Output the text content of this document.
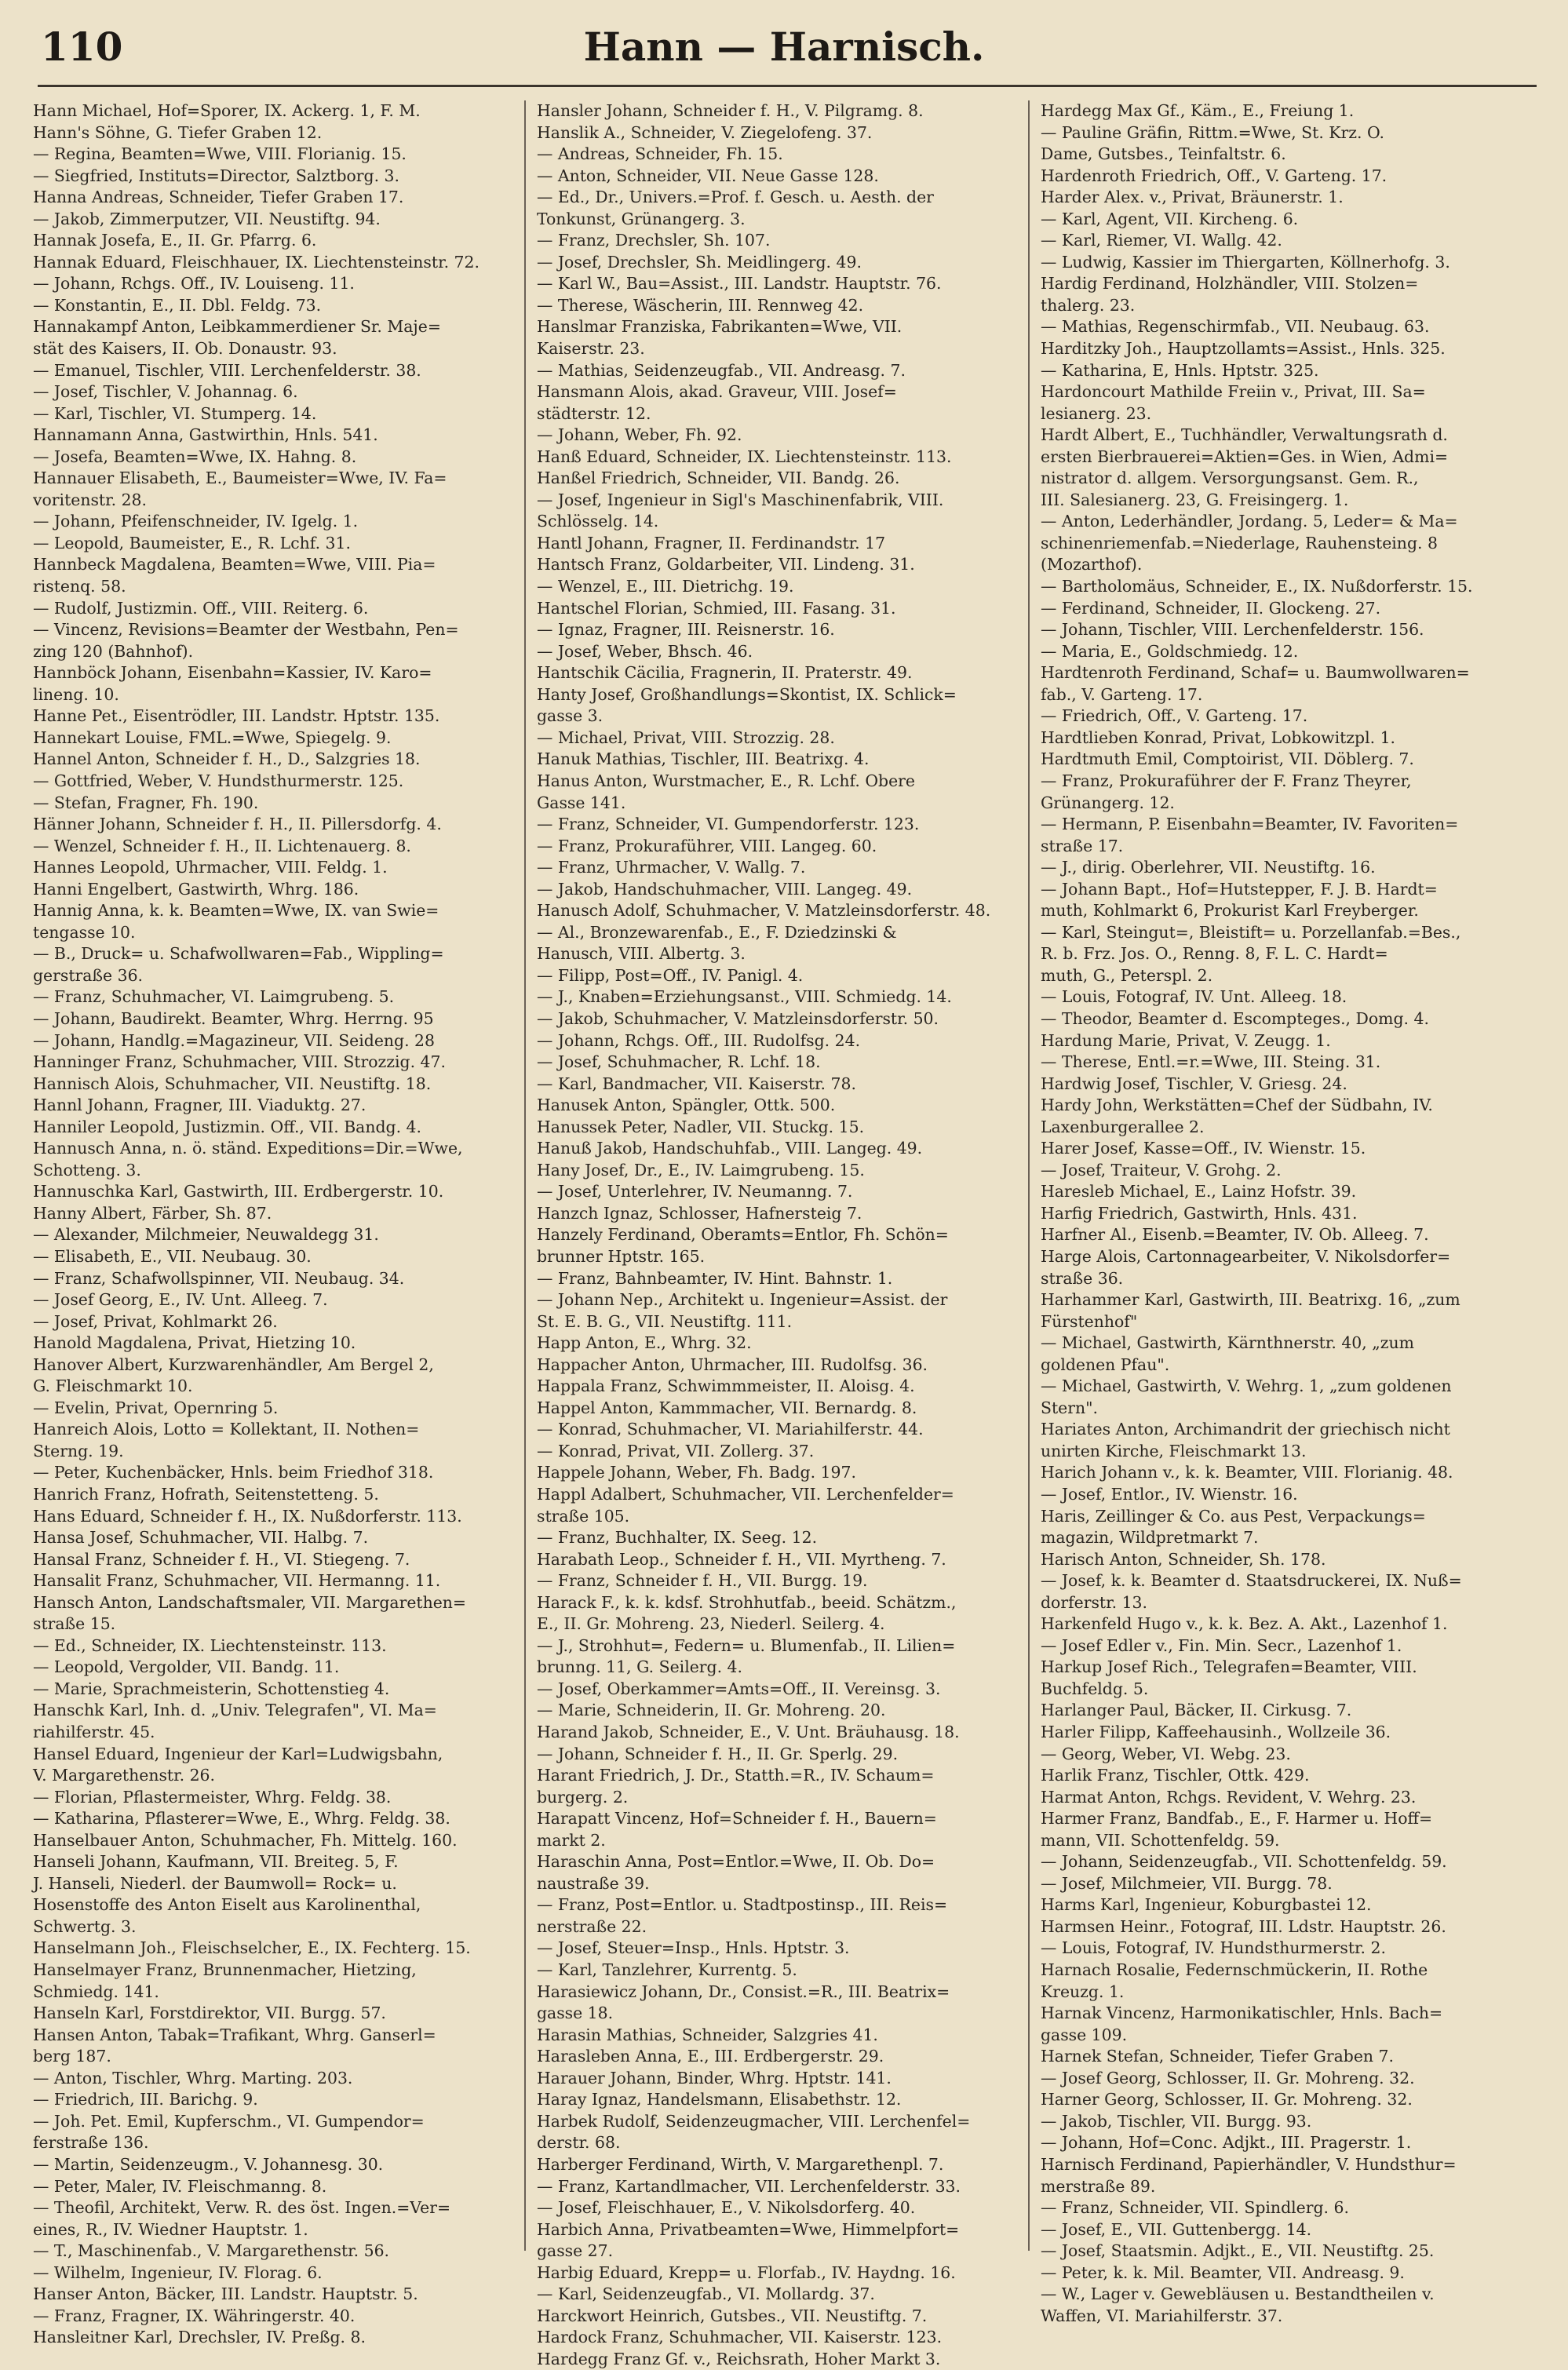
110	Hann — Harnisch.
Hann Michael, Hof=Sporer, IX. Ackerg. 1, F. M.
Hann's Söhne, G. Tiefer Graben 12.
— Regina, Beamten=Wwe, VIII. Florianig. 15.
— Siegfried, Instituts=Director, Salztborg. 3.
Hanna Andreas, Schneider, Tiefer Graben 17.
— Jakob, Zimmerputzer, VII. Neustiftg. 94.
Hannak Josefa, E., II. Gr. Pfarrg. 6.
Hannak Eduard, Fleischhauer, IX. Liechtensteinstr. 72.
— Johann, Rchgs. Off., IV. Louiseng. 11.
— Konstantin, E., II. Dbl. Feldg. 73.
Hannakampf Anton, Leibkammerdiener Sr. Maje=
stät des Kaisers, II. Ob. Donaustr. 93.
— Emanuel, Tischler, VIII. Lerchenfelderstr. 38.
— Josef, Tischler, V. Johannag. 6.
— Karl, Tischler, VI. Stumperg. 14.
Hannamann Anna, Gastwirthin, Hnls. 541.
— Josefa, Beamten=Wwe, IX. Hahng. 8.
Hannauer Elisabeth, E., Baumeister=Wwe, IV. Fa=
voritenstr. 28.
— Johann, Pfeifenschneider, IV. Igelg. 1.
— Leopold, Baumeister, E., R. Lchf. 31.
Hannbeck Magdalena, Beamten=Wwe, VIII. Pia=
ristenq. 58.
— Rudolf, Justizmin. Off., VIII. Reiterg. 6.
— Vincenz, Revisions=Beamter der Westbahn, Pen=
zing 120 (Bahnhof).
Hannböck Johann, Eisenbahn=Kassier, IV. Karo=
lineng. 10.
Hanne Pet., Eisentrödler, III. Landstr. Hptstr. 135.
Hannekart Louise, FML.=Wwe, Spiegelg. 9.
Hannel Anton, Schneider f. H., D., Salzgries 18.
— Gottfried, Weber, V. Hundsthurmerstr. 125.
— Stefan, Fragner, Fh. 190.
Hänner Johann, Schneider f. H., II. Pillersdorfg. 4.
— Wenzel, Schneider f. H., II. Lichtenauerg. 8.
Hannes Leopold, Uhrmacher, VIII. Feldg. 1.
Hanni Engelbert, Gastwirth, Whrg. 186.
Hannig Anna, k. k. Beamten=Wwe, IX. van Swie=
tengasse 10.
— B., Druck= u. Schafwollwaren=Fab., Wippling=
gerstraße 36.
— Franz, Schuhmacher, VI. Laimgrubeng. 5.
— Johann, Baudirekt. Beamter, Whrg. Herrng. 95
— Johann, Handlg.=Magazineur, VII. Seideng. 28
Hanninger Franz, Schuhmacher, VIII. Strozzig. 47.
Hannisch Alois, Schuhmacher, VII. Neustiftg. 18.
Hannl Johann, Fragner, III. Viaduktg. 27.
Hanniler Leopold, Justizmin. Off., VII. Bandg. 4.
Hannusch Anna, n. ö. ständ. Expeditions=Dir.=Wwe,
Schotteng. 3.
Hannuschka Karl, Gastwirth, III. Erdbergerstr. 10.
Hanny Albert, Färber, Sh. 87.
— Alexander, Milchmeier, Neuwaldegg 31.
— Elisabeth, E., VII. Neubaug. 30.
— Franz, Schafwollspinner, VII. Neubaug. 34.
— Josef Georg, E., IV. Unt. Alleeg. 7.
— Josef, Privat, Kohlmarkt 26.
Hanold Magdalena, Privat, Hietzing 10.
Hanover Albert, Kurzwarenhändler, Am Bergel 2,
G. Fleischmarkt 10.
— Evelin, Privat, Opernring 5.
Hanreich Alois, Lotto = Kollektant, II. Nothen=
Sterng. 19.
— Peter, Kuchenbäcker, Hnls. beim Friedhof 318.
Hanrich Franz, Hofrath, Seitenstetteng. 5.
Hans Eduard, Schneider f. H., IX. Nußdorferstr. 113.
Hansa Josef, Schuhmacher, VII. Halbg. 7.
Hansal Franz, Schneider f. H., VI. Stiegeng. 7.
Hansalit Franz, Schuhmacher, VII. Hermanng. 11.
Hansch Anton, Landschaftsmaler, VII. Margarethen=
straße 15.
— Ed., Schneider, IX. Liechtensteinstr. 113.
— Leopold, Vergolder, VII. Bandg. 11.
— Marie, Sprachmeisterin, Schottenstieg 4.
Hanschk Karl, Inh. d. „Univ. Telegrafen", VI. Ma=
riahilferstr. 45.
Hansel Eduard, Ingenieur der Karl=Ludwigsbahn,
V. Margarethenstr. 26.
— Florian, Pflastermeister, Whrg. Feldg. 38.
— Katharina, Pflasterer=Wwe, E., Whrg. Feldg. 38.
Hanselbauer Anton, Schuhmacher, Fh. Mittelg. 160.
Hanseli Johann, Kaufmann, VII. Breiteg. 5, F.
J. Hanseli, Niederl. der Baumwoll= Rock= u.
Hosenstoffe des Anton Eiselt aus Karolinenthal,
Schwertg. 3.
Hanselmann Joh., Fleischselcher, E., IX. Fechterg. 15.
Hanselmayer Franz, Brunnenmacher, Hietzing,
Schmiedg. 141.
Hanseln Karl, Forstdirektor, VII. Burgg. 57.
Hansen Anton, Tabak=Trafikant, Whrg. Ganserl=
berg 187.
— Anton, Tischler, Whrg. Marting. 203.
— Friedrich, III. Barichg. 9.
— Joh. Pet. Emil, Kupferschm., VI. Gumpendor=
ferstraße 136.
— Martin, Seidenzeugm., V. Johannesg. 30.
— Peter, Maler, IV. Fleischmanng. 8.
— Theofil, Architekt, Verw. R. des öst. Ingen.=Ver=
eines, R., IV. Wiedner Hauptstr. 1.
— T., Maschinenfab., V. Margarethenstr. 56.
— Wilhelm, Ingenieur, IV. Florag. 6.
Hanser Anton, Bäcker, III. Landstr. Hauptstr. 5.
— Franz, Fragner, IX. Währingerstr. 40.
Hansleitner Karl, Drechsler, IV. Preßg. 8.
Hansler Johann, Schneider f. H., V. Pilgramg. 8.
Hanslik A., Schneider, V. Ziegelofeng. 37.
— Andreas, Schneider, Fh. 15.
— Anton, Schneider, VII. Neue Gasse 128.
— Ed., Dr., Univers.=Prof. f. Gesch. u. Aesth. der
Tonkunst, Grünangerg. 3.
— Franz, Drechsler, Sh. 107.
— Josef, Drechsler, Sh. Meidlingerg. 49.
— Karl W., Bau=Assist., III. Landstr. Hauptstr. 76.
— Therese, Wäscherin, III. Rennweg 42.
Hanslmar Franziska, Fabrikanten=Wwe, VII.
Kaiserstr. 23.
— Mathias, Seidenzeugfab., VII. Andreasg. 7.
Hansmann Alois, akad. Graveur, VIII. Josef=
städterstr. 12.
— Johann, Weber, Fh. 92.
Hanß Eduard, Schneider, IX. Liechtensteinstr. 113.
Hanßel Friedrich, Schneider, VII. Bandg. 26.
— Josef, Ingenieur in Sigl's Maschinenfabrik, VIII.
Schlösselg. 14.
Hantl Johann, Fragner, II. Ferdinandstr. 17
Hantsch Franz, Goldarbeiter, VII. Lindeng. 31.
— Wenzel, E., III. Dietrichg. 19.
Hantschel Florian, Schmied, III. Fasang. 31.
— Ignaz, Fragner, III. Reisnerstr. 16.
— Josef, Weber, Bhsch. 46.
Hantschik Cäcilia, Fragnerin, II. Praterstr. 49.
Hanty Josef, Großhandlungs=Skontist, IX. Schlick=
gasse 3.
— Michael, Privat, VIII. Strozzig. 28.
Hanuk Mathias, Tischler, III. Beatrixg. 4.
Hanus Anton, Wurstmacher, E., R. Lchf. Obere
Gasse 141.
— Franz, Schneider, VI. Gumpendorferstr. 123.
— Franz, Prokuraführer, VIII. Langeg. 60.
— Franz, Uhrmacher, V. Wallg. 7.
— Jakob, Handschuhmacher, VIII. Langeg. 49.
Hanusch Adolf, Schuhmacher, V. Matzleinsdorferstr. 48.
— Al., Bronzewarenfab., E., F. Dziedzinski &
Hanusch, VIII. Albertg. 3.
— Filipp, Post=Off., IV. Panigl. 4.
— J., Knaben=Erziehungsanst., VIII. Schmiedg. 14.
— Jakob, Schuhmacher, V. Matzleinsdorferstr. 50.
— Johann, Rchgs. Off., III. Rudolfsg. 24.
— Josef, Schuhmacher, R. Lchf. 18.
— Karl, Bandmacher, VII. Kaiserstr. 78.
Hanusek Anton, Spängler, Ottk. 500.
Hanussek Peter, Nadler, VII. Stuckg. 15.
Hanuß Jakob, Handschuhfab., VIII. Langeg. 49.
Hany Josef, Dr., E., IV. Laimgrubeng. 15.
— Josef, Unterlehrer, IV. Neumanng. 7.
Hanzch Ignaz, Schlosser, Hafnersteig 7.
Hanzely Ferdinand, Oberamts=Entlor, Fh. Schön=
brunner Hptstr. 165.
— Franz, Bahnbeamter, IV. Hint. Bahnstr. 1.
— Johann Nep., Architekt u. Ingenieur=Assist. der
St. E. B. G., VII. Neustiftg. 111.
Happ Anton, E., Whrg. 32.
Happacher Anton, Uhrmacher, III. Rudolfsg. 36.
Happala Franz, Schwimmmeister, II. Aloisg. 4.
Happel Anton, Kammmacher, VII. Bernardg. 8.
— Konrad, Schuhmacher, VI. Mariahilferstr. 44.
— Konrad, Privat, VII. Zollerg. 37.
Happele Johann, Weber, Fh. Badg. 197.
Happl Adalbert, Schuhmacher, VII. Lerchenfelder=
straße 105.
— Franz, Buchhalter, IX. Seeg. 12.
Harabath Leop., Schneider f. H., VII. Myrtheng. 7.
— Franz, Schneider f. H., VII. Burgg. 19.
Harack F., k. k. kdsf. Strohhutfab., beeid. Schätzm.,
E., II. Gr. Mohreng. 23, Niederl. Seilerg. 4.
— J., Strohhut=, Federn= u. Blumenfab., II. Lilien=
brunng. 11, G. Seilerg. 4.
— Josef, Oberkammer=Amts=Off., II. Vereinsg. 3.
— Marie, Schneiderin, II. Gr. Mohreng. 20.
Harand Jakob, Schneider, E., V. Unt. Bräuhausg. 18.
— Johann, Schneider f. H., II. Gr. Sperlg. 29.
Harant Friedrich, J. Dr., Statth.=R., IV. Schaum=
burgerg. 2.
Harapatt Vincenz, Hof=Schneider f. H., Bauern=
markt 2.
Haraschin Anna, Post=Entlor.=Wwe, II. Ob. Do=
naustraße 39.
— Franz, Post=Entlor. u. Stadtpostinsp., III. Reis=
nerstraße 22.
— Josef, Steuer=Insp., Hnls. Hptstr. 3.
— Karl, Tanzlehrer, Kurrentg. 5.
Harasiewicz Johann, Dr., Consist.=R., III. Beatrix=
gasse 18.
Harasin Mathias, Schneider, Salzgries 41.
Harasleben Anna, E., III. Erdbergerstr. 29.
Harauer Johann, Binder, Whrg. Hptstr. 141.
Haray Ignaz, Handelsmann, Elisabethstr. 12.
Harbek Rudolf, Seidenzeugmacher, VIII. Lerchenfel=
derstr. 68.
Harberger Ferdinand, Wirth, V. Margarethenpl. 7.
— Franz, Kartandlmacher, VII. Lerchenfelderstr. 33.
— Josef, Fleischhauer, E., V. Nikolsdorferg. 40.
Harbich Anna, Privatbeamten=Wwe, Himmelpfort=
gasse 27.
Harbig Eduard, Krepp= u. Florfab., IV. Haydng. 16.
— Karl, Seidenzeugfab., VI. Mollardg. 37.
Harckwort Heinrich, Gutsbes., VII. Neustiftg. 7.
Hardock Franz, Schuhmacher, VII. Kaiserstr. 123.
Hardegg Franz Gf. v., Reichsrath, Hoher Markt 3.
Hardegg Max Gf., Käm., E., Freiung 1.
— Pauline Gräfin, Rittm.=Wwe, St. Krz. O.
Dame, Gutsbes., Teinfaltstr. 6.
Hardenroth Friedrich, Off., V. Garteng. 17.
Harder Alex. v., Privat, Bräunerstr. 1.
— Karl, Agent, VII. Kircheng. 6.
— Karl, Riemer, VI. Wallg. 42.
— Ludwig, Kassier im Thiergarten, Köllnerhofg. 3.
Hardig Ferdinand, Holzhändler, VIII. Stolzen=
thalerg. 23.
— Mathias, Regenschirmfab., VII. Neubaug. 63.
Harditzky Joh., Hauptzollamts=Assist., Hnls. 325.
— Katharina, E, Hnls. Hptstr. 325.
Hardoncourt Mathilde Freiin v., Privat, III. Sa=
lesianerg. 23.
Hardt Albert, E., Tuchhändler, Verwaltungsrath d.
ersten Bierbrauerei=Aktien=Ges. in Wien, Admi=
nistrator d. allgem. Versorgungsanst. Gem. R.,
III. Salesianerg. 23, G. Freisingerg. 1.
— Anton, Lederhändler, Jordang. 5, Leder= & Ma=
schinenriemenfab.=Niederlage, Rauhensteing. 8
(Mozarthof).
— Bartholomäus, Schneider, E., IX. Nußdorferstr. 15.
— Ferdinand, Schneider, II. Glockeng. 27.
— Johann, Tischler, VIII. Lerchenfelderstr. 156.
— Maria, E., Goldschmiedg. 12.
Hardtenroth Ferdinand, Schaf= u. Baumwollwaren=
fab., V. Garteng. 17.
— Friedrich, Off., V. Garteng. 17.
Hardtlieben Konrad, Privat, Lobkowitzpl. 1.
Hardtmuth Emil, Comptoirist, VII. Döblerg. 7.
— Franz, Prokuraführer der F. Franz Theyrer,
Grünangerg. 12.
— Hermann, P. Eisenbahn=Beamter, IV. Favoriten=
straße 17.
— J., dirig. Oberlehrer, VII. Neustiftg. 16.
— Johann Bapt., Hof=Hutstepper, F. J. B. Hardt=
muth, Kohlmarkt 6, Prokurist Karl Freyberger.
— Karl, Steingut=, Bleistift= u. Porzellanfab.=Bes.,
R. b. Frz. Jos. O., Renng. 8, F. L. C. Hardt=
muth, G., Peterspl. 2.
— Louis, Fotograf, IV. Unt. Alleeg. 18.
— Theodor, Beamter d. Escompteges., Domg. 4.
Hardung Marie, Privat, V. Zeugg. 1.
— Therese, Entl.=r.=Wwe, III. Steing. 31.
Hardwig Josef, Tischler, V. Griesg. 24.
Hardy John, Werkstätten=Chef der Südbahn, IV.
Laxenburgerallee 2.
Harer Josef, Kasse=Off., IV. Wienstr. 15.
— Josef, Traiteur, V. Grohg. 2.
Haresleb Michael, E., Lainz Hofstr. 39.
Harfig Friedrich, Gastwirth, Hnls. 431.
Harfner Al., Eisenb.=Beamter, IV. Ob. Alleeg. 7.
Harge Alois, Cartonnagearbeiter, V. Nikolsdorfer=
straße 36.
Harhammer Karl, Gastwirth, III. Beatrixg. 16, „zum
Fürstenhof"
— Michael, Gastwirth, Kärnthnerstr. 40, „zum
goldenen Pfau".
— Michael, Gastwirth, V. Wehrg. 1, „zum goldenen
Stern".
Hariates Anton, Archimandrit der griechisch nicht
unirten Kirche, Fleischmarkt 13.
Harich Johann v., k. k. Beamter, VIII. Florianig. 48.
— Josef, Entlor., IV. Wienstr. 16.
Haris, Zeillinger & Co. aus Pest, Verpackungs=
magazin, Wildpretmarkt 7.
Harisch Anton, Schneider, Sh. 178.
— Josef, k. k. Beamter d. Staatsdruckerei, IX. Nuß=
dorferstr. 13.
Harkenfeld Hugo v., k. k. Bez. A. Akt., Lazenhof 1.
— Josef Edler v., Fin. Min. Secr., Lazenhof 1.
Harkup Josef Rich., Telegrafen=Beamter, VIII.
Buchfeldg. 5.
Harlanger Paul, Bäcker, II. Cirkusg. 7.
Harler Filipp, Kaffeehausinh., Wollzeile 36.
— Georg, Weber, VI. Webg. 23.
Harlik Franz, Tischler, Ottk. 429.
Harmat Anton, Rchgs. Revident, V. Wehrg. 23.
Harmer Franz, Bandfab., E., F. Harmer u. Hoff=
mann, VII. Schottenfeldg. 59.
— Johann, Seidenzeugfab., VII. Schottenfeldg. 59.
— Josef, Milchmeier, VII. Burgg. 78.
Harms Karl, Ingenieur, Koburgbastei 12.
Harmsen Heinr., Fotograf, III. Ldstr. Hauptstr. 26.
— Louis, Fotograf, IV. Hundsthurmerstr. 2.
Harnach Rosalie, Federnschmückerin, II. Rothe
Kreuzg. 1.
Harnak Vincenz, Harmonikatischler, Hnls. Bach=
gasse 109.
Harnek Stefan, Schneider, Tiefer Graben 7.
— Josef Georg, Schlosser, II. Gr. Mohreng. 32.
Harner Georg, Schlosser, II. Gr. Mohreng. 32.
— Jakob, Tischler, VII. Burgg. 93.
— Johann, Hof=Conc. Adjkt., III. Pragerstr. 1.
Harnisch Ferdinand, Papierhändler, V. Hundsthur=
merstraße 89.
— Franz, Schneider, VII. Spindlerg. 6.
— Josef, E., VII. Guttenbergg. 14.
— Josef, Staatsmin. Adjkt., E., VII. Neustiftg. 25.
— Peter, k. k. Mil. Beamter, VII. Andreasg. 9.
— W., Lager v. Gewebläusen u. Bestandtheilen v.
Waffen, VI. Mariahilferstr. 37.
